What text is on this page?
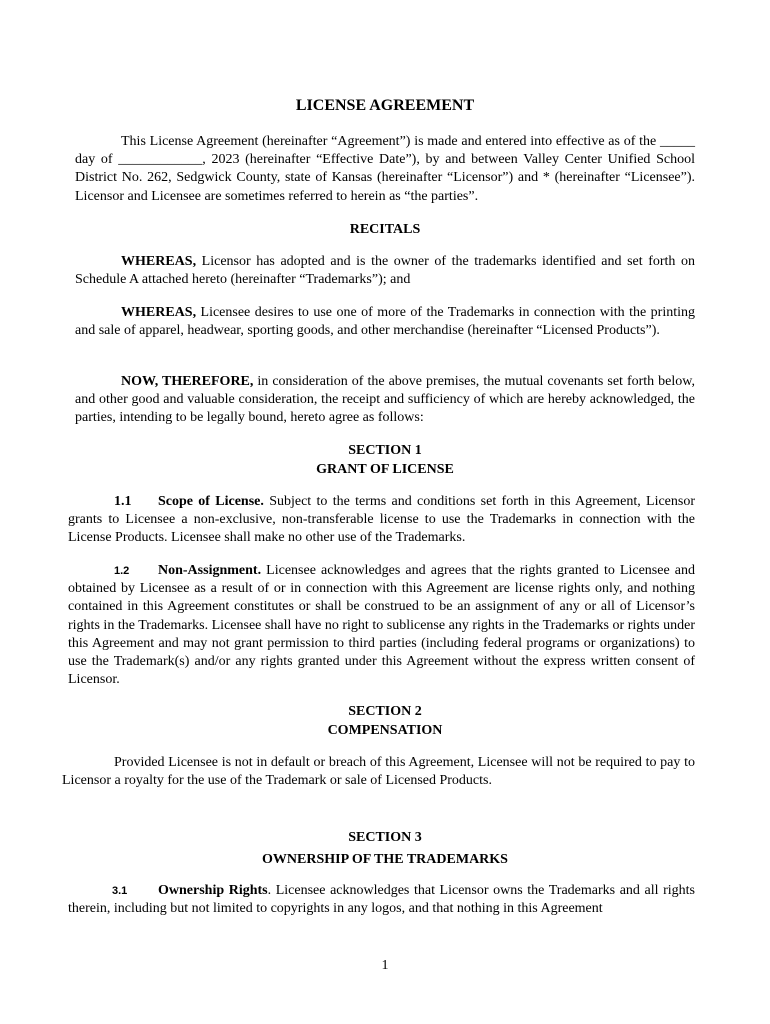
LICENSE AGREEMENT
This License Agreement (hereinafter “Agreement”) is made and entered into effective as of the _____ day of ____________, 2023 (hereinafter “Effective Date”), by and between Valley Center Unified School District No. 262, Sedgwick County, state of Kansas (hereinafter “Licensor”) and * (hereinafter “Licensee”). Licensor and Licensee are sometimes referred to herein as “the parties”.
RECITALS
WHEREAS, Licensor has adopted and is the owner of the trademarks identified and set forth on Schedule A attached hereto (hereinafter “Trademarks”); and
WHEREAS, Licensee desires to use one of more of the Trademarks in connection with the printing and sale of apparel, headwear, sporting goods, and other merchandise (hereinafter “Licensed Products”).
NOW, THEREFORE, in consideration of the above premises, the mutual covenants set forth below, and other good and valuable consideration, the receipt and sufficiency of which are hereby acknowledged, the parties, intending to be legally bound, hereto agree as follows:
SECTION 1
GRANT OF LICENSE
1.1 Scope of License. Subject to the terms and conditions set forth in this Agreement, Licensor grants to Licensee a non-exclusive, non-transferable license to use the Trademarks in connection with the License Products. Licensee shall make no other use of the Trademarks.
1.2 Non-Assignment. Licensee acknowledges and agrees that the rights granted to Licensee and obtained by Licensee as a result of or in connection with this Agreement are license rights only, and nothing contained in this Agreement constitutes or shall be construed to be an assignment of any or all of Licensor’s rights in the Trademarks. Licensee shall have no right to sublicense any rights in the Trademarks or rights under this Agreement and may not grant permission to third parties (including federal programs or organizations) to use the Trademark(s) and/or any rights granted under this Agreement without the express written consent of Licensor.
SECTION 2
COMPENSATION
Provided Licensee is not in default or breach of this Agreement, Licensee will not be required to pay to Licensor a royalty for the use of the Trademark or sale of Licensed Products.
SECTION 3
OWNERSHIP OF THE TRADEMARKS
3.1 Ownership Rights. Licensee acknowledges that Licensor owns the Trademarks and all rights therein, including but not limited to copyrights in any logos, and that nothing in this Agreement
1
